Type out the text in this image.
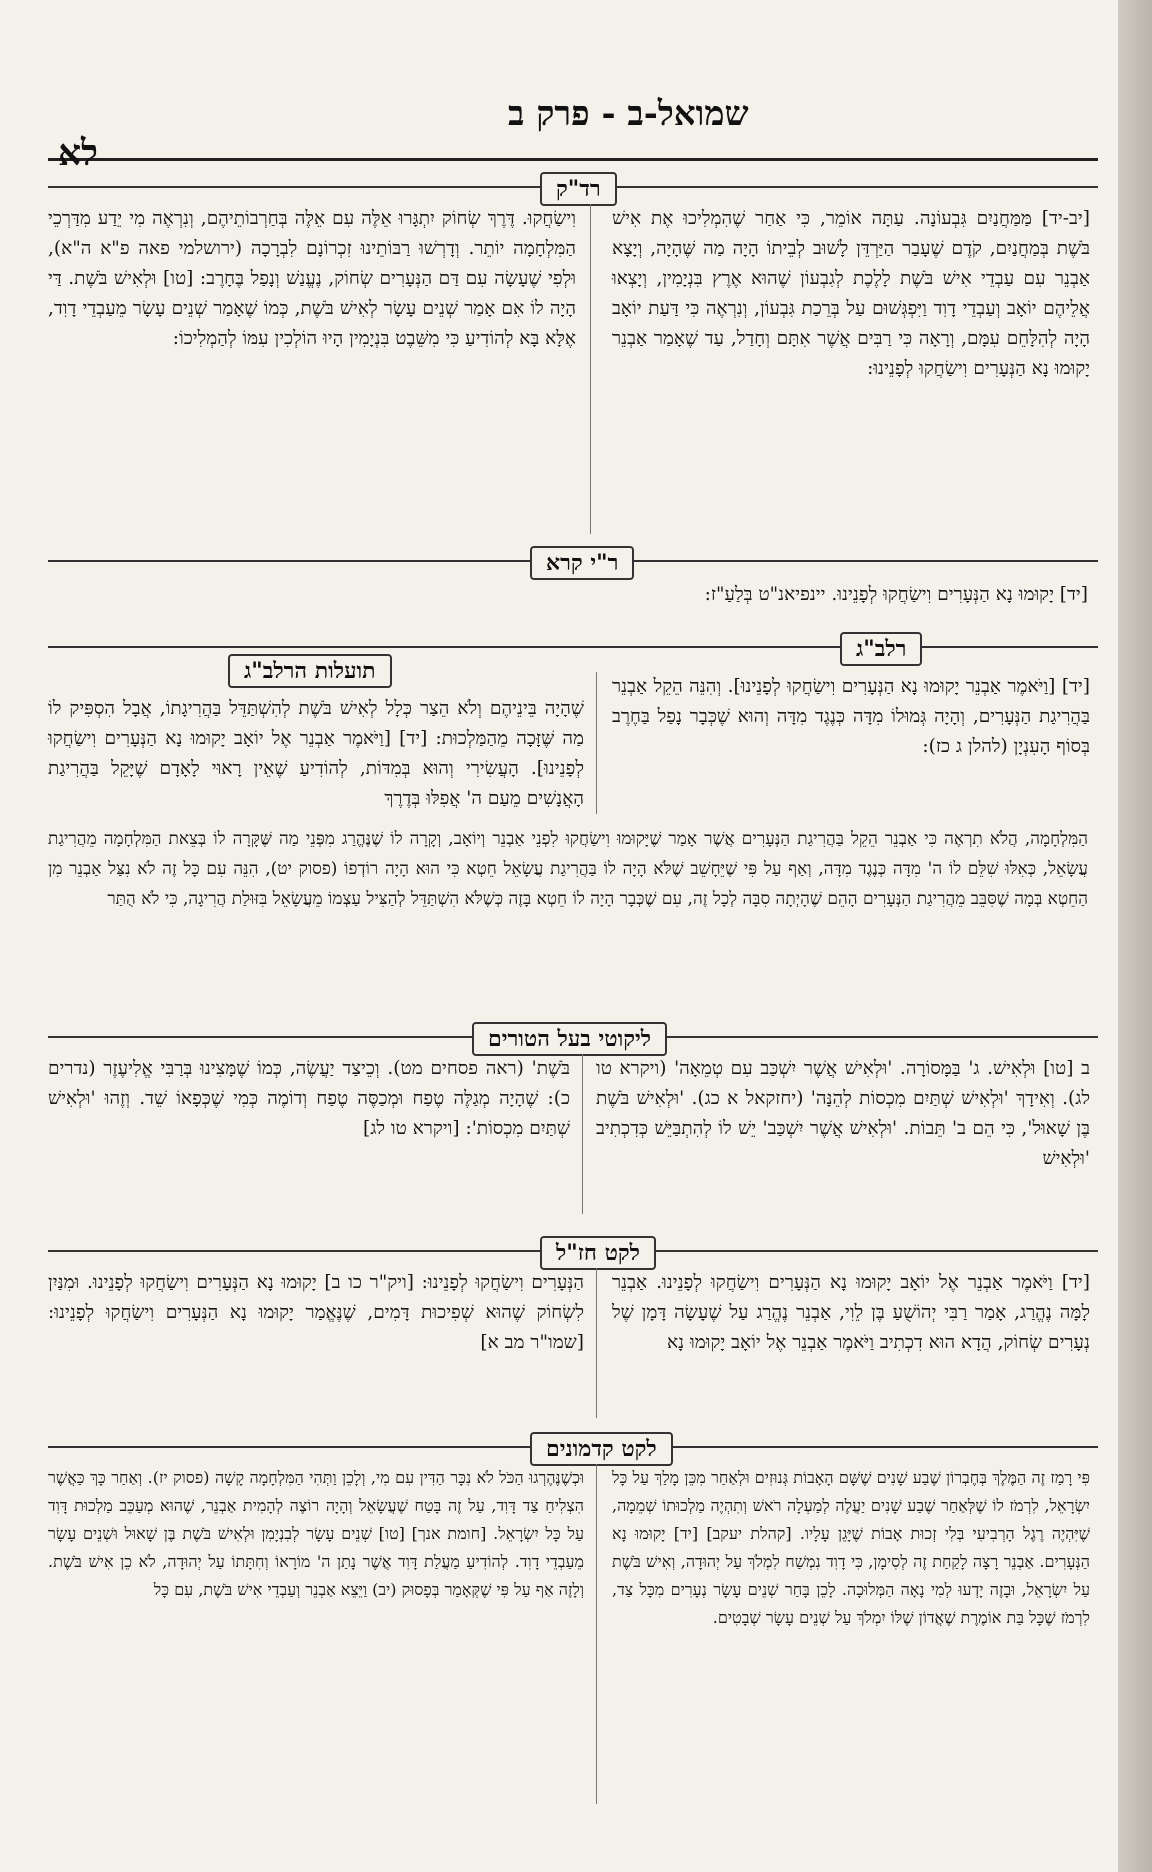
שמואל-ב - פרק ב
לא
רד"ק
[יב-יד] מַּמַּחֲנַיִם גִּבְעוֹנָה. עַתָּה אוֹמֵר, כִּי אַחַר שֶׁהִמְלִיכוּ אֶת אִישׁ בֹּשֶׁת בְּמַחֲנַיִם, קֹדֶם שֶׁעָבַר הַיַּרְדֵּן לָשׁוּב לְבֵיתוֹ הָיָה מַה שֶּׁהָיָה, וְיָצָא אַבְנֵר עִם עַבְדֵי אִישׁ בֹּשֶׁת לָלֶכֶת לְגִבְעוֹן שֶׁהוּא אֶרֶץ בִּנְיָמִין, וְיָצְאוּ אֲלֵיהֶם יוֹאָב וְעַבְדֵי דָוִד וַיִּפְגְּשׁוּם עַל בְּרֵכַת גִּבְעוֹן, וְנִרְאֶה כִּי דַּעַת יוֹאָב הָיָה לְהִלָּחֵם עִמָּם, וְרָאָה כִּי רַבִּים אֲשֶׁר אִתָּם וְחָדַל, עַד שֶׁאָמַר אַבְנֵר יָקוּמוּ נָא הַנְּעָרִים וִישַׂחֲקוּ לְפָנֵינוּ:
וִישַׂחֲקוּ. דֶּרֶךְ שְׂחוֹק יִתְגָּרוּ אֵלֶּה עִם אֵלֶּה בְּחַרְבוֹתֵיהֶם, וְנִרְאֶה מִי יֵדַע מִדַּרְכֵי הַמִּלְחָמָה יוֹתֵר. וְדָרְשׁוּ רַבּוֹתֵינוּ זִכְרוֹנָם לִבְרָכָה (ירושלמי פאה פ"א ה"א), וּלְפִי שֶׁעָשָׂה עִם דַּם הַנְּעָרִים שְׂחוֹק, נֶעֱנַשׁ וְנָפַל בֶּחָרֶב: [טו] וּלְאִישׁ בֹּשֶׁת. דַּי הָיָה לוֹ אִם אָמַר שְׁנֵים עָשָׂר לְאִישׁ בֹּשֶׁת, כְּמוֹ שֶׁאָמַר שְׁנֵים עָשָׂר מֵעַבְדֵי דָוִד, אֶלָּא בָּא לְהוֹדִיעַ כִּי מִשֵּׁבֶט בִּנְיָמִין הָיוּ הוֹלְכִין עִמּוֹ לְהַמְלִיכוֹ:
ר"י קרא
[יד] יָקוּמוּ נָא הַנְּעָרִים וִישַׂחֲקוּ לְפָנֵינוּ. יינפיאנ"ט בְּלַעַ"ז:
רלב"ג
תועלות הרלב"ג
[יד] [וַיֹּאמֶר אַבְנֵר יָקוּמוּ נָא הַנְּעָרִים וִישַׂחֲקוּ לְפָנֵינוּ]. וְהִנֵּה הֵקֵל אַבְנֵר בַּהֲרִיגַת הַנְּעָרִים, וְהָיָה גְּמוּלוֹ מִדָּה כְּנֶגֶד מִדָּה וְהוּא שֶׁכְּבָר נָפַל בַּחֶרֶב בְּסוֹף הָעִנְיָן (להלן ג כז):
שֶׁהָיָה בֵּינֵיהֶם וְלֹא הֵצַר כְּלָל לְאִישׁ בֹּשֶׁת לְהִשְׁתַּדֵּל בַּהֲרִיגָתוֹ, אֲבָל הִסְפִּיק לוֹ מַה שֶּׁזָּכָה מֵהַמַּלְכוּת: [יד] [וַיֹּאמֶר אַבְנֵר אֶל יוֹאָב יָקוּמוּ נָא הַנְּעָרִים וִישַׂחֲקוּ לְפָנֵינוּ]. הָעֲשִׂירִי וְהוּא בְּמִדּוֹת, לְהוֹדִיעַ שֶׁאֵין רָאוּי לָאָדָם שֶׁיָּקֵל בַּהֲרִיגַת הָאֲנָשִׁים מֵעַם ה' אֲפִלּוּ בְּדֶרֶךְ
הַמִּלְחָמָה, הֲלֹא תִרְאֶה כִּי אַבְנֵר הֵקֵל בַּהֲרִיגַת הַנְּעָרִים אֲשֶׁר אָמַר שֶׁיָּקוּמוּ וִישַׂחֲקוּ לִפְנֵי אַבְנֵר וְיוֹאָב, וְקָרָה לוֹ שֶׁנֶּהֱרַג מִפְּנֵי מַה שֶּׁקָּרָה לוֹ בְּצֵאת הַמִּלְחָמָה מֵהֲרִיגַת עֲשָׂאֵל, כְּאִלּוּ שִׁלֵּם לוֹ ה' מִדָּה כְּנֶגֶד מִדָּה, וְאַף עַל פִּי שֶׁיֵּחָשֵׁב שֶׁלֹּא הָיָה לוֹ בַּהֲרִיגַת עֲשָׂאֵל חֵטְא כִּי הוּא הָיָה רוֹדְפוֹ (פסוק יט), הִנֵּה עִם כָּל זֶה לֹא נִצַּל אַבְנֵר מִן הַחֵטְא בְּמָה שֶׁסִּבֵּב מֵהֲרִיגַת הַנְּעָרִים הָהֵם שֶׁהָיְתָה סִבָּה לְכָל זֶה, עִם שֶׁכְּבָר הָיָה לוֹ חֵטְא בָּזֶה כְּשֶׁלֹּא הִשְׁתַּדֵּל לְהַצִּיל עַצְמוֹ מֵעֲשָׂאֵל בִּזּוּלַת הֲרִיגָה, כִּי לֹא הֻתַּר
ליקוטי בעל הטורים
ב [טו] וּלְאִישׁ. ג' בַּמָּסוֹרָה. 'וּלְאִישׁ אֲשֶׁר יִשְׁכַּב עִם טְמֵאָה' (ויקרא טו לג). וְאִידָךְ 'וּלְאִישׁ שְׁתַּיִם מִכְסוֹת לְהֵנָּה' (יחזקאל א כג). 'וּלְאִישׁ בֹּשֶׁת בֶּן שָׁאוּל', כִּי הֵם ב' תֵּבוֹת. 'וּלְאִישׁ אֲשֶׁר יִשְׁכַּב' יֵשׁ לוֹ לְהִתְבַּיֵּשׁ כְּדִכְתִיב 'וּלְאִישׁ
בֹּשֶׁת' (ראה פסחים מט). וְכֵיצַד יַעֲשֶׂה, כְּמוֹ שֶׁמָּצִינוּ בְּרַבִּי אֱלִיעֶזֶר (נדרים כ): שֶׁהָיָה מְגַלֶּה טֶפַח וּמְכַסֶּה טֶפַח וְדוֹמֶה כְּמִי שֶׁכְּפָאוֹ שֵׁד. וְזֶהוּ 'וּלְאִישׁ שְׁתַּיִם מִכְסוֹת': [ויקרא טו לג]
לקט חז"ל
[יד] וַיֹּאמֶר אַבְנֵר אֶל יוֹאָב יָקוּמוּ נָא הַנְּעָרִים וִישַׂחֲקוּ לְפָנֵינוּ. אַבְנֵר לָמָּה נֶהֱרַג, אָמַר רַבִּי יְהוֹשֻׁעַ בֶּן לֵוִי, אַבְנֵר נֶהֱרַג עַל שֶׁעָשָׂה דָּמָן שֶׁל נְעָרִים שְׂחוֹק, הֲדָא הוּא דִכְתִיב וַיֹּאמֶר אַבְנֵר אֶל יוֹאָב יָקוּמוּ נָא
הַנְּעָרִים וִישַׂחֲקוּ לְפָנֵינוּ: [ויק"ר כו ב] יָקוּמוּ נָא הַנְּעָרִים וִישַׂחֲקוּ לְפָנֵינוּ. וּמִנַּיִן לִשְׂחוֹק שֶׁהוּא שְׁפִיכוּת דָּמִים, שֶׁנֶּאֱמַר יָקוּמוּ נָא הַנְּעָרִים וִישַׂחֲקוּ לְפָנֵינוּ: [שמו"ר מב א]
לקט קדמונים
פִּי רָמַז זֶה הַמֶּלֶךְ בְּחֶבְרוֹן שֶׁבַע שָׁנִים שֶׁשָּׁם הָאָבוֹת גְּנוּזִים וּלְאַחַר מִכֵּן מָלַךְ עַל כָּל יִשְׂרָאֵל, לִרְמֹז לוֹ שֶׁלְּאַחַר שֶׁבַע שָׁנִים יַעֲלֶה לְמַעְלָה רֹאשׁ וְתִהְיֶה מַלְכוּתוֹ שְׁמֵמָה, שֶׁיִּהְיֶה רֶגֶל הָרְבִיעִי בְּלִי זְכוּת אָבוֹת שֶׁיָּגֵן עָלָיו. [קהלת יעקב] [יד] יָקוּמוּ נָא הַנְּעָרִים. אַבְנֵר רָצָה לָקַחַת זֶה לְסִימָן, כִּי דָוִד נִמְשַׁח לִמְלֹךְ עַל יְהוּדָה, וְאִישׁ בֹּשֶׁת עַל יִשְׂרָאֵל, וּבָזֶה יָדְעוּ לְמִי נָאָה הַמְּלוּכָה. לָכֵן בָּחַר שְׁנֵים עָשָׂר נְעָרִים מִכָּל צַד, לִרְמֹז שֶׁכָּל בַּת אוֹמֶרֶת שֶׁאֲדוֹן שֶׁלּוֹ יִמְלֹךְ עַל שְׁנֵים עָשָׂר שְׁבָטִים.
וּכְשֶׁנֶּהֶרְגוּ הַכֹּל לֹא נִכָּר הַדִּין עִם מִי, וְלָכֵן וַתְּהִי הַמִּלְחָמָה קָשָׁה (פסוק יז). וְאַחַר כָּךְ כַּאֲשֶׁר הִצְלִיחַ צַד דָּוִד, עַל זֶה בָּטַח שֶׁעֲשָׂאֵל וְהָיָה רוֹצֶה לְהָמִית אַבְנֵר, שֶׁהוּא מְעַכֵּב מַלְכוּת דָּוִד עַל כָּל יִשְׂרָאֵל. [חומת אנך] [טו] שְׁנֵים עָשָׂר לְבִנְיָמִן וּלְאִישׁ בֹּשֶׁת בֶּן שָׁאוּל וּשְׁנֵים עָשָׂר מֵעַבְדֵי דָוִד. לְהוֹדִיעַ מַעֲלַת דָּוִד אֲשֶׁר נָתַן ה' מוֹרָאוֹ וְחִתָּתוֹ עַל יְהוּדָה, לֹא כֵן אִישׁ בֹּשֶׁת. וְלָזֶה אַף עַל פִּי שֶׁקְּאָמַר בְּפָסוּק (יב) וַיֵּצֵא אַבְנֵר וְעַבְדֵי אִישׁ בֹּשֶׁת, עִם כָּל
